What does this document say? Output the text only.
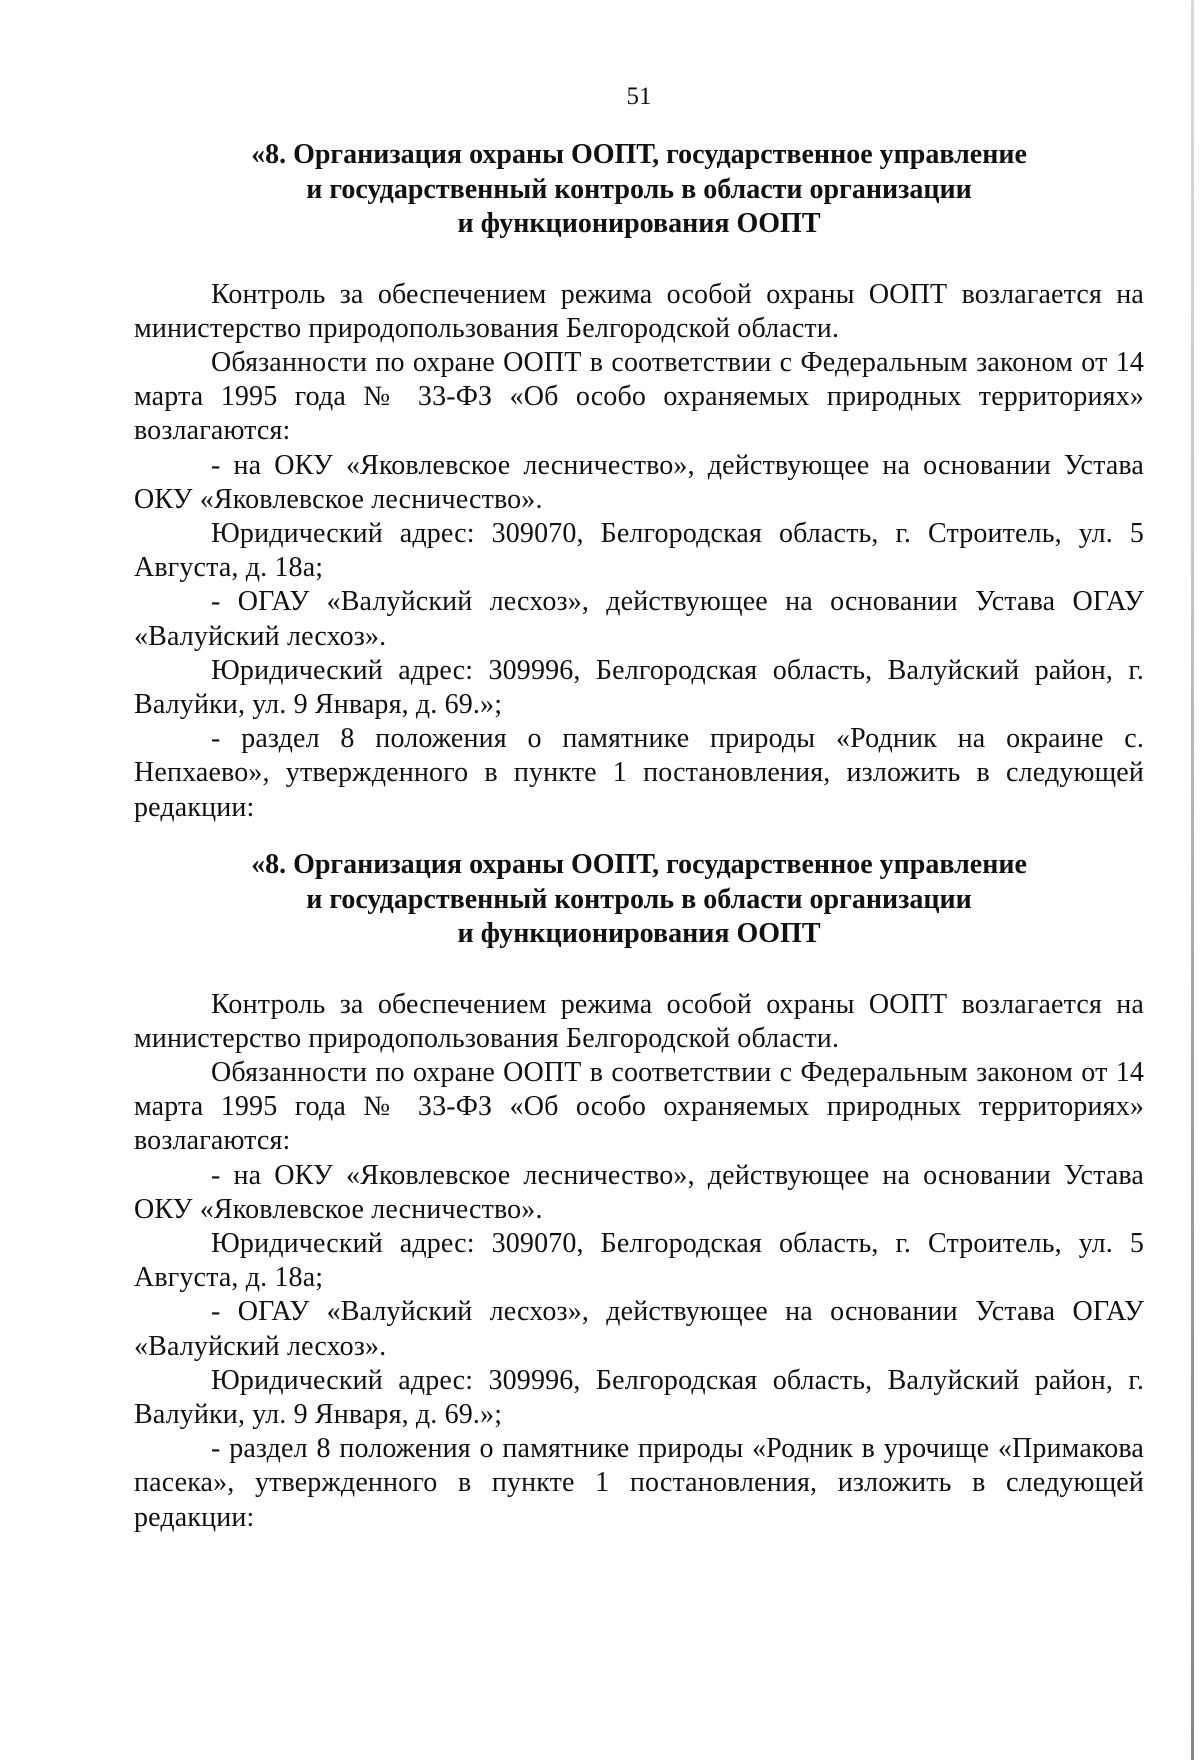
51
«8. Организация охраны ООПТ, государственное управление
и государственный контроль в области организации
и функционирования ООПТ

Контроль за обеспечением режима особой охраны ООПТ возлагается на министерство природопользования Белгородской области.

Обязанности по охране ООПТ в соответствии с Федеральным законом от 14 марта 1995 года № 33-ФЗ «Об особо охраняемых природных территориях» возлагаются:

- на ОКУ «Яковлевское лесничество», действующее на основании Устава ОКУ «Яковлевское лесничество».

Юридический адрес: 309070, Белгородская область, г. Строитель, ул. 5 Августа, д. 18а;

- ОГАУ «Валуйский лесхоз», действующее на основании Устава ОГАУ «Валуйский лесхоз».

Юридический адрес: 309996, Белгородская область, Валуйский район, г. Валуйки, ул. 9 Января, д. 69.»;

- раздел 8 положения о памятнике природы «Родник на окраине с. Непхаево», утвержденного в пункте 1 постановления, изложить в следующей редакции:

«8. Организация охраны ООПТ, государственное управление
и государственный контроль в области организации
и функционирования ООПТ

Контроль за обеспечением режима особой охраны ООПТ возлагается на министерство природопользования Белгородской области.

Обязанности по охране ООПТ в соответствии с Федеральным законом от 14 марта 1995 года № 33-ФЗ «Об особо охраняемых природных территориях» возлагаются:

- на ОКУ «Яковлевское лесничество», действующее на основании Устава ОКУ «Яковлевское лесничество».

Юридический адрес: 309070, Белгородская область, г. Строитель, ул. 5 Августа, д. 18а;

- ОГАУ «Валуйский лесхоз», действующее на основании Устава ОГАУ «Валуйский лесхоз».

Юридический адрес: 309996, Белгородская область, Валуйский район, г. Валуйки, ул. 9 Января, д. 69.»;

- раздел 8 положения о памятнике природы «Родник в урочище «Примакова пасека», утвержденного в пункте 1 постановления, изложить в следующей редакции:
